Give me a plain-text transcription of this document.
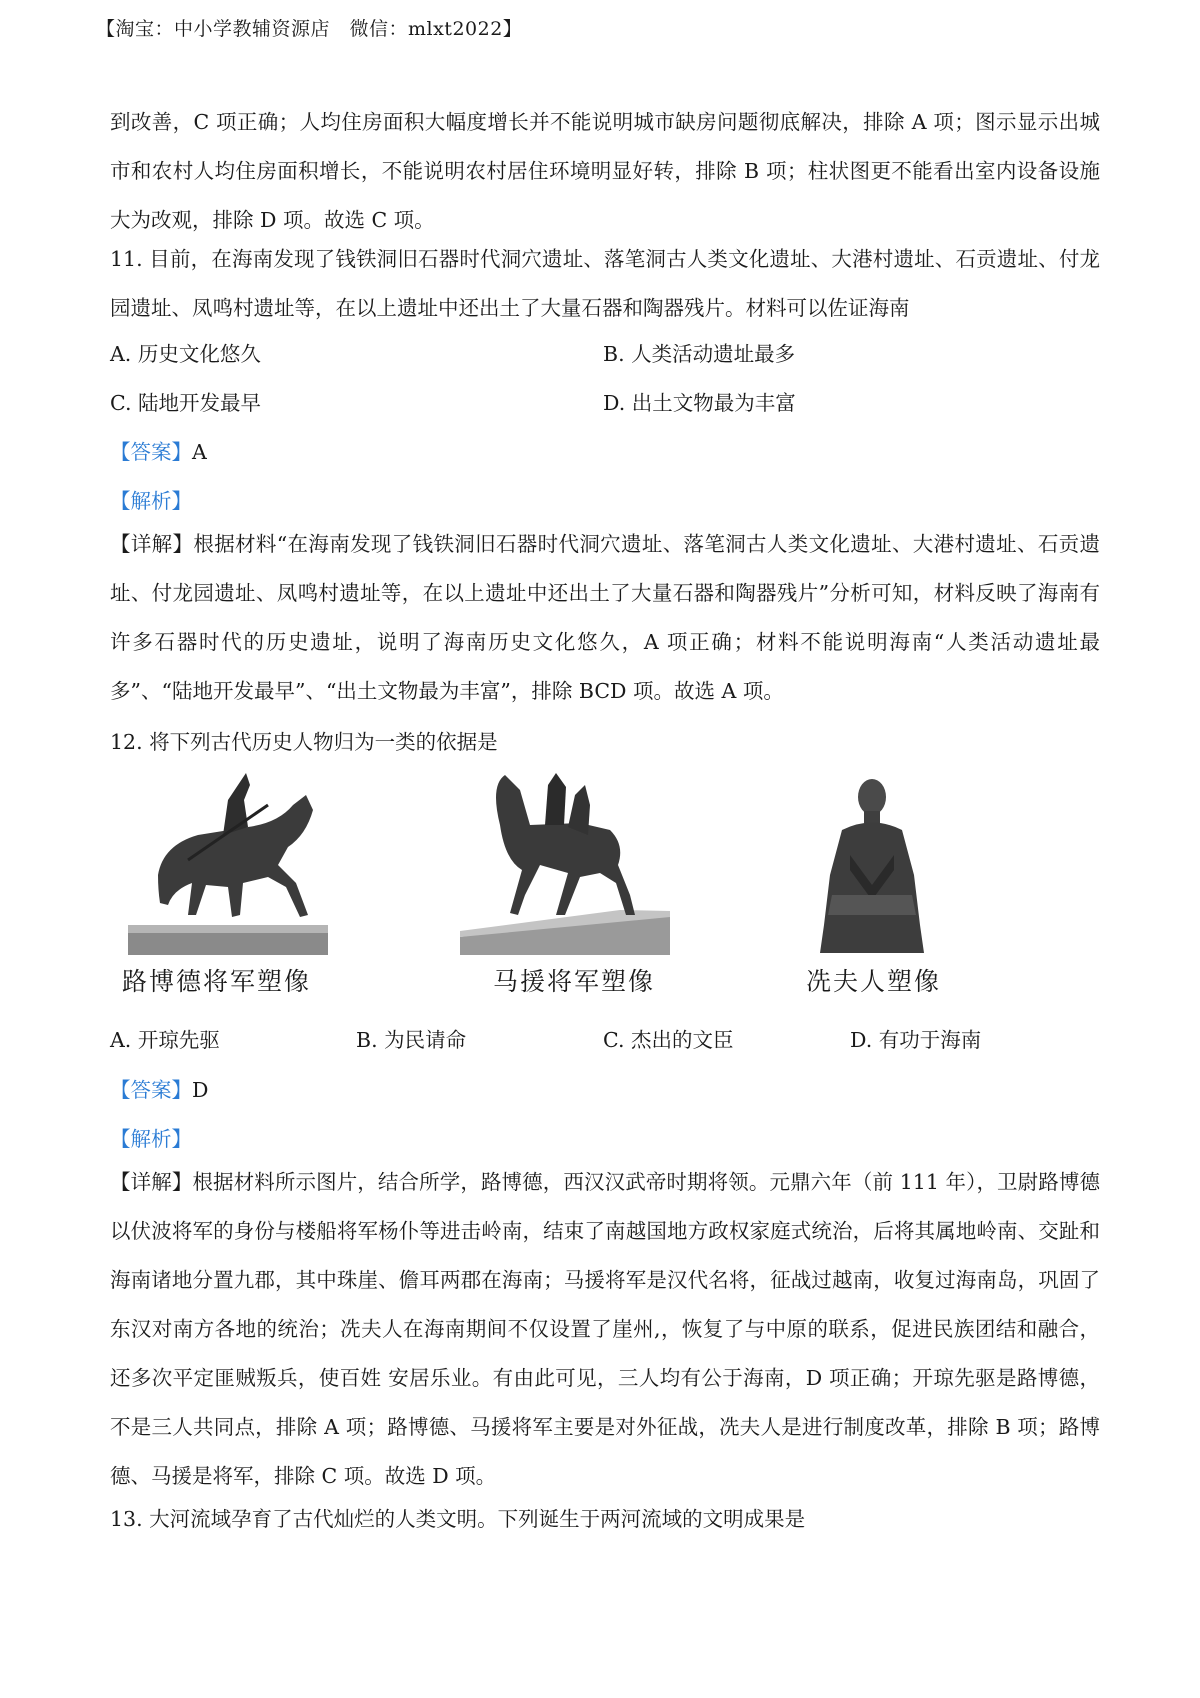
【淘宝：中小学教辅资源店　微信：mlxt2022】

到改善，C 项正确；人均住房面积大幅度增长并不能说明城市缺房问题彻底解决，排除 A 项；图示显示出城市和农村人均住房面积增长，不能说明农村居住环境明显好转，排除 B 项；柱状图更不能看出室内设备设施大为改观，排除 D 项。故选 C 项。

11. 目前，在海南发现了钱铁洞旧石器时代洞穴遗址、落笔洞古人类文化遗址、大港村遗址、石贡遗址、付龙园遗址、凤鸣村遗址等，在以上遗址中还出土了大量石器和陶器残片。材料可以佐证海南

A. 历史文化悠久	B. 人类活动遗址最多
C. 陆地开发最早	D. 出土文物最为丰富
【答案】A
【解析】

【详解】根据材料“在海南发现了钱铁洞旧石器时代洞穴遗址、落笔洞古人类文化遗址、大港村遗址、石贡遗址、付龙园遗址、凤鸣村遗址等，在以上遗址中还出土了大量石器和陶器残片”分析可知，材料反映了海南有许多石器时代的历史遗址，说明了海南历史文化悠久，A 项正确；材料不能说明海南“人类活动遗址最多”、“陆地开发最早”、“出土文物最为丰富”，排除 BCD 项。故选 A 项。

12. 将下列古代历史人物归为一类的依据是
路博德将军塑像	马援将军塑像	冼夫人塑像
A. 开琼先驱	B. 为民请命	C. 杰出的文臣	D. 有功于海南
【答案】D
【解析】

【详解】根据材料所示图片，结合所学，路博德，西汉汉武帝时期将领。元鼎六年（前 111 年），卫尉路博德以伏波将军的身份与楼船将军杨仆等进击岭南，结束了南越国地方政权家庭式统治，后将其属地岭南、交趾和海南诸地分置九郡，其中珠崖、儋耳两郡在海南；马援将军是汉代名将，征战过越南，收复过海南岛，巩固了东汉对南方各地的统治；冼夫人在海南期间不仅设置了崖州,，恢复了与中原的联系，促进民族团结和融合，还多次平定匪贼叛兵，使百姓 安居乐业。有由此可见，三人均有公于海南，D 项正确；开琼先驱是路博德，不是三人共同点，排除 A 项；路博德、马援将军主要是对外征战，冼夫人是进行制度改革，排除 B 项；路博德、马援是将军，排除 C 项。故选 D 项。

13. 大河流域孕育了古代灿烂的人类文明。下列诞生于两河流域的文明成果是
